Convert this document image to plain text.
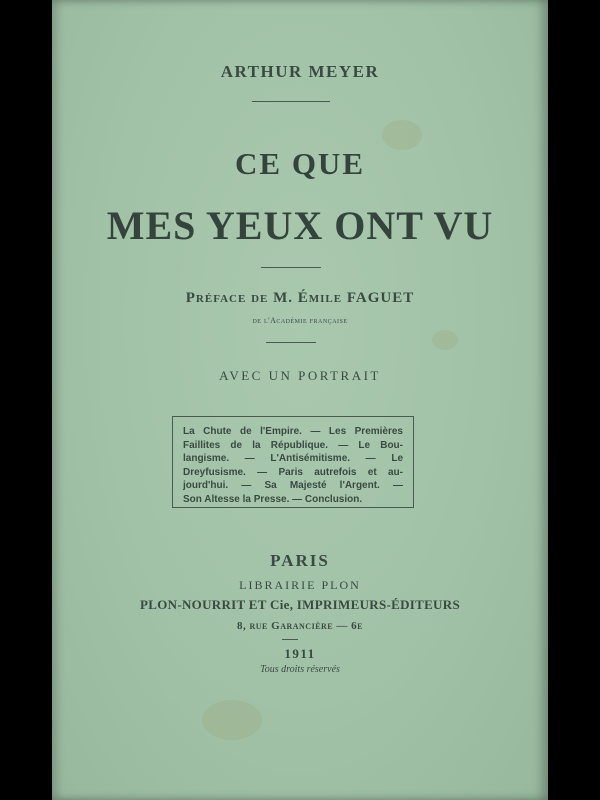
ARTHUR MEYER

CE QUE

MES YEUX ONT VU

Préface de M. Émile FAGUET

de l'Académie française

AVEC UN PORTRAIT

La Chute de l'Empire. — Les Premières
Faillites de la République. — Le Bou-
langisme. — L'Antisémitisme. — Le
Dreyfusisme. — Paris autrefois et au-
jourd'hui. — Sa Majesté l'Argent. —
Son Altesse la Presse. — Conclusion.

PARIS

LIBRAIRIE PLON

PLON-NOURRIT ET Cie, IMPRIMEURS-ÉDITEURS

8, rue Garancière — 6e

1911

Tous droits réservés
